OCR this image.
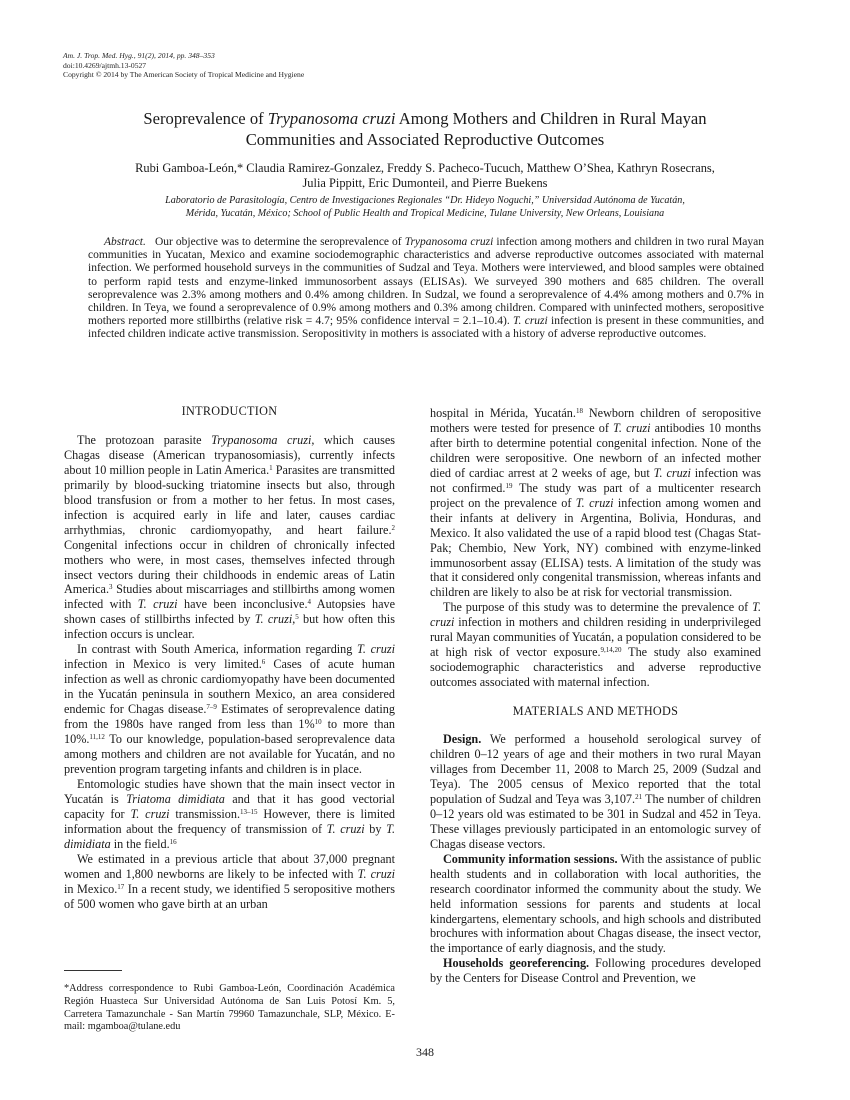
Am. J. Trop. Med. Hyg., 91(2), 2014, pp. 348–353
doi:10.4269/ajtmh.13-0527
Copyright © 2014 by The American Society of Tropical Medicine and Hygiene
Seroprevalence of Trypanosoma cruzi Among Mothers and Children in Rural Mayan
Communities and Associated Reproductive Outcomes
Rubi Gamboa-León,* Claudia Ramirez-Gonzalez, Freddy S. Pacheco-Tucuch, Matthew O’Shea, Kathryn Rosecrans,
Julia Pippitt, Eric Dumonteil, and Pierre Buekens
Laboratorio de Parasitología, Centro de Investigaciones Regionales “Dr. Hideyo Noguchi,” Universidad Autónoma de Yucatán,
Mérida, Yucatán, México; School of Public Health and Tropical Medicine, Tulane University, New Orleans, Louisiana

Abstract. Our objective was to determine the seroprevalence of Trypanosoma cruzi infection among mothers and children in two rural Mayan communities in Yucatan, Mexico and examine sociodemographic characteristics and adverse reproductive outcomes associated with maternal infection. We performed household surveys in the communities of Sudzal and Teya. Mothers were interviewed, and blood samples were obtained to perform rapid tests and enzyme-linked immunosorbent assays (ELISAs). We surveyed 390 mothers and 685 children. The overall seroprevalence was 2.3% among mothers and 0.4% among children. In Sudzal, we found a seroprevalence of 4.4% among mothers and 0.7% in children. In Teya, we found a seroprevalence of 0.9% among mothers and 0.3% among children. Compared with uninfected mothers, seropositive mothers reported more stillbirths (relative risk = 4.7; 95% confidence interval = 2.1–10.4). T. cruzi infection is present in these communities, and infected children indicate active transmission. Seropositivity in mothers is associated with a history of adverse reproductive outcomes.

INTRODUCTION

The protozoan parasite Trypanosoma cruzi, which causes Chagas disease (American trypanosomiasis), currently infects about 10 million people in Latin America.$^1$ Parasites are transmitted primarily by blood-sucking triatomine insects but also, through blood transfusion or from a mother to her fetus. In most cases, infection is acquired early in life and later, causes cardiac arrhythmias, chronic cardiomyopathy, and heart failure.$^2$ Congenital infections occur in children of chronically infected mothers who were, in most cases, themselves infected through insect vectors during their childhoods in endemic areas of Latin America.$^3$ Studies about miscarriages and stillbirths among women infected with T. cruzi have been inconclusive.$^4$ Autopsies have shown cases of stillbirths infected by T. cruzi,$^5$ but how often this infection occurs is unclear.

In contrast with South America, information regarding T. cruzi infection in Mexico is very limited.$^6$ Cases of acute human infection as well as chronic cardiomyopathy have been documented in the Yucatán peninsula in southern Mexico, an area considered endemic for Chagas disease.$^{7-9}$ Estimates of seroprevalence dating from the 1980s have ranged from less than 1%$^{10}$ to more than 10%.$^{11,12}$ To our knowledge, population-based seroprevalence data among mothers and children are not available for Yucatán, and no prevention program targeting infants and children is in place.

Entomologic studies have shown that the main insect vector in Yucatán is Triatoma dimidiata and that it has good vectorial capacity for T. cruzi transmission.$^{13-15}$ However, there is limited information about the frequency of transmission of T. cruzi by T. dimidiata in the field.$^{16}$

We estimated in a previous article that about 37,000 pregnant women and 1,800 newborns are likely to be infected with T. cruzi in Mexico.$^{17}$ In a recent study, we identified 5 seropositive mothers of 500 women who gave birth at an urban

hospital in Mérida, Yucatán.$^{18}$ Newborn children of seropositive mothers were tested for presence of T. cruzi antibodies 10 months after birth to determine potential congenital infection. None of the children were seropositive. One newborn of an infected mother died of cardiac arrest at 2 weeks of age, but T. cruzi infection was not confirmed.$^{19}$ The study was part of a multicenter research project on the prevalence of T. cruzi infection among women and their infants at delivery in Argentina, Bolivia, Honduras, and Mexico. It also validated the use of a rapid blood test (Chagas Stat-Pak; Chembio, New York, NY) combined with enzyme-linked immunosorbent assay (ELISA) tests. A limitation of the study was that it considered only congenital transmission, whereas infants and children are likely to also be at risk for vectorial transmission.

The purpose of this study was to determine the prevalence of T. cruzi infection in mothers and children residing in underprivileged rural Mayan communities of Yucatán, a population considered to be at high risk of vector exposure.$^{9,14,20}$ The study also examined sociodemographic characteristics and adverse reproductive outcomes associated with maternal infection.

MATERIALS AND METHODS

Design. We performed a household serological survey of children 0–12 years of age and their mothers in two rural Mayan villages from December 11, 2008 to March 25, 2009 (Sudzal and Teya). The 2005 census of Mexico reported that the total population of Sudzal and Teya was 3,107.21 The number of children 0–12 years old was estimated to be 301 in Sudzal and 452 in Teya. These villages previously participated in an entomologic survey of Chagas disease vectors.

Community information sessions. With the assistance of public health students and in collaboration with local authorities, the research coordinator informed the community about the study. We held information sessions for parents and students at local kindergartens, elementary schools, and high schools and distributed brochures with information about Chagas disease, the insect vector, the importance of early diagnosis, and the study.

Households georeferencing. Following procedures developed by the Centers for Disease Control and Prevention, we

*Address correspondence to Rubi Gamboa-León, Coordinación Académica Región Huasteca Sur Universidad Autónoma de San Luis Potosí Km. 5, Carretera Tamazunchale - San Martín 79960 Tamazunchale, SLP, México. E-mail: mgamboa@tulane.edu

348
